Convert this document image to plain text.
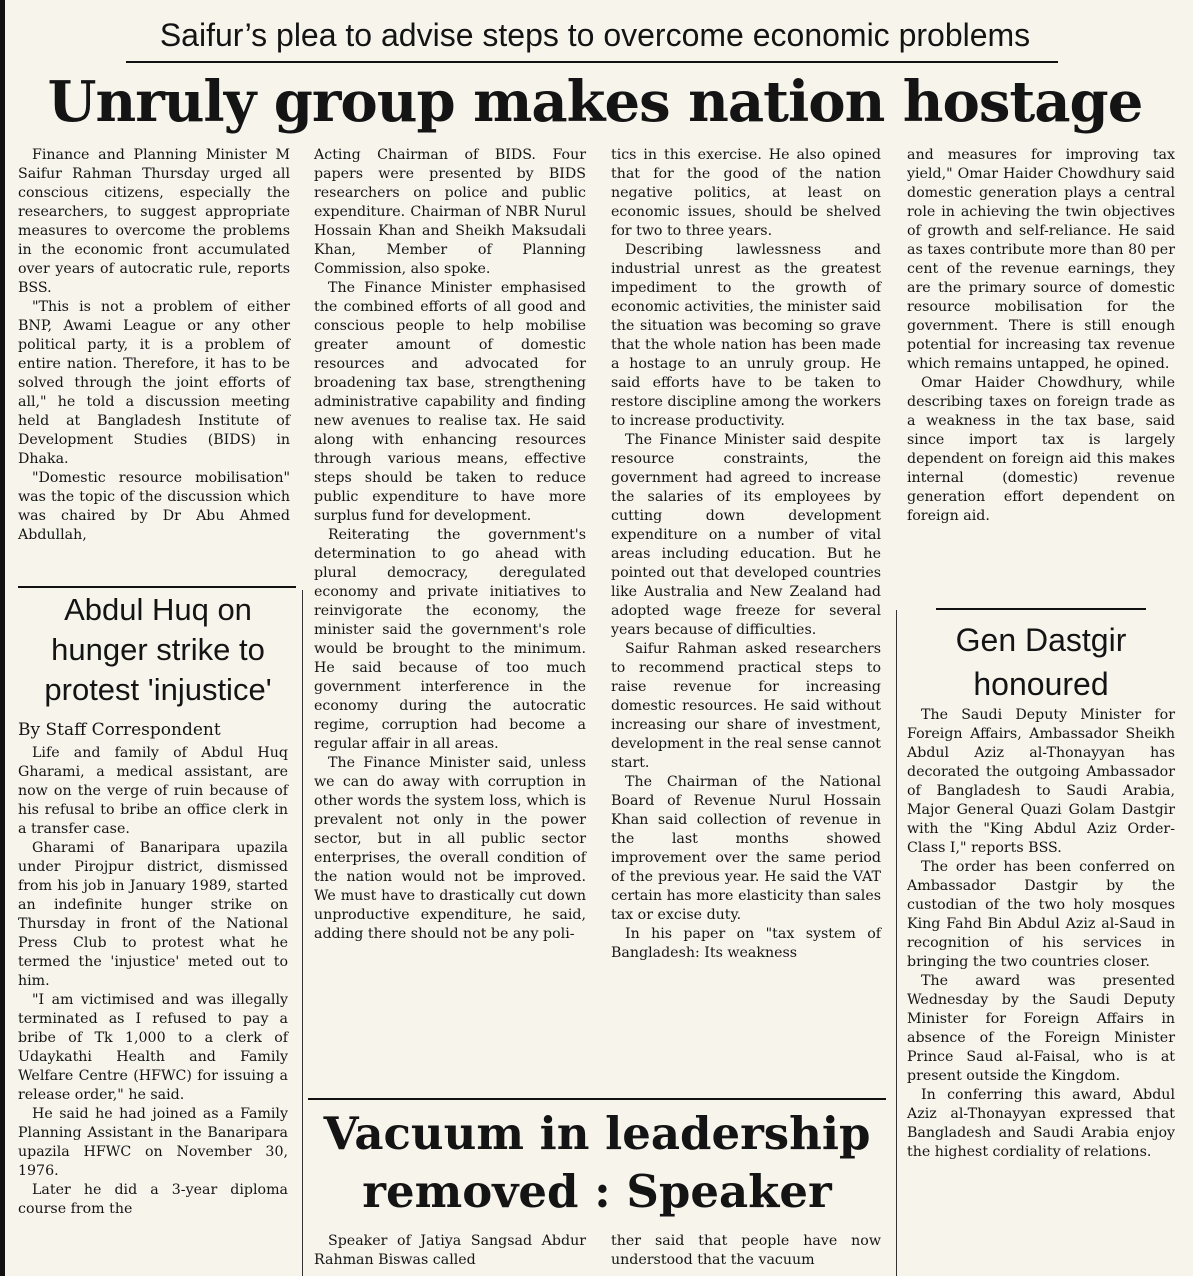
Saifur’s plea to advise steps to overcome economic problems
Unruly group makes nation hostage

Finance and Planning Minister M Saifur Rahman Thursday urged all conscious citizens, especially the researchers, to suggest appropriate measures to overcome the problems in the economic front accumulated over years of autocratic rule, reports BSS.

"This is not a problem of either BNP, Awami League or any other political party, it is a problem of entire nation. Therefore, it has to be solved through the joint efforts of all," he told a discussion meeting held at Bangladesh Institute of Development Studies (BIDS) in Dhaka.

"Domestic resource mobilisation" was the topic of the discussion which was chaired by Dr Abu Ahmed Abdullah,

Abdul Huq on hunger strike to protest 'injustice'

By Staff Correspondent

Life and family of Abdul Huq Gharami, a medical assistant, are now on the verge of ruin because of his refusal to bribe an office clerk in a transfer case.

Gharami of Banaripara upazila under Pirojpur district, dismissed from his job in January 1989, started an indefinite hunger strike on Thursday in front of the National Press Club to protest what he termed the 'injustice' meted out to him.

"I am victimised and was illegally terminated as I refused to pay a bribe of Tk 1,000 to a clerk of Udaykathi Health and Family Welfare Centre (HFWC) for issuing a release order," he said.

He said he had joined as a Family Planning Assistant in the Banaripara upazila HFWC on November 30, 1976.

Later he did a 3-year diploma course from the

Acting Chairman of BIDS. Four papers were presented by BIDS researchers on police and public expenditure. Chairman of NBR Nurul Hossain Khan and Sheikh Maksudali Khan, Member of Planning Commission, also spoke.

The Finance Minister emphasised the combined efforts of all good and conscious people to help mobilise greater amount of domestic resources and advocated for broadening tax base, strengthening administrative capability and finding new avenues to realise tax. He said along with enhancing resources through various means, effective steps should be taken to reduce public expenditure to have more surplus fund for development.

Reiterating the government's determination to go ahead with plural democracy, deregulated economy and private initiatives to reinvigorate the economy, the minister said the government's role would be brought to the minimum. He said because of too much government interference in the economy during the autocratic regime, corruption had become a regular affair in all areas.

The Finance Minister said, unless we can do away with corruption in other words the system loss, which is prevalent not only in the power sector, but in all public sector enterprises, the overall condition of the nation would not be improved. We must have to drastically cut down unproductive expenditure, he said, adding there should not be any poli-

tics in this exercise. He also opined that for the good of the nation negative politics, at least on economic issues, should be shelved for two to three years.

Describing lawlessness and industrial unrest as the greatest impediment to the growth of economic activities, the minister said the situation was becoming so grave that the whole nation has been made a hostage to an unruly group. He said efforts have to be taken to restore discipline among the workers to increase productivity.

The Finance Minister said despite resource constraints, the government had agreed to increase the salaries of its employees by cutting down development expenditure on a number of vital areas including education. But he pointed out that developed countries like Australia and New Zealand had adopted wage freeze for several years because of difficulties.

Saifur Rahman asked researchers to recommend practical steps to raise revenue for increasing domestic resources. He said without increasing our share of investment, development in the real sense cannot start.

The Chairman of the National Board of Revenue Nurul Hossain Khan said collection of revenue in the last months showed improvement over the same period of the previous year. He said the VAT certain has more elasticity than sales tax or excise duty.

In his paper on "tax system of Bangladesh: Its weakness

and measures for improving tax yield," Omar Haider Chowdhury said domestic generation plays a central role in achieving the twin objectives of growth and self-reliance. He said as taxes contribute more than 80 per cent of the revenue earnings, they are the primary source of domestic resource mobilisation for the government. There is still enough potential for increasing tax revenue which remains untapped, he opined.

Omar Haider Chowdhury, while describing taxes on foreign trade as a weakness in the tax base, said since import tax is largely dependent on foreign aid this makes internal (domestic) revenue generation effort dependent on foreign aid.

Gen Dastgir honoured

The Saudi Deputy Minister for Foreign Affairs, Ambassador Sheikh Abdul Aziz al-Thonayyan has decorated the outgoing Ambassador of Bangladesh to Saudi Arabia, Major General Quazi Golam Dastgir with the "King Abdul Aziz Order- Class I," reports BSS.

The order has been conferred on Ambassador Dastgir by the custodian of the two holy mosques King Fahd Bin Abdul Aziz al-Saud in recognition of his services in bringing the two countries closer.

The award was presented Wednesday by the Saudi Deputy Minister for Foreign Affairs in absence of the Foreign Minister Prince Saud al-Faisal, who is at present outside the Kingdom.

In conferring this award, Abdul Aziz al-Thonayyan expressed that Bangladesh and Saudi Arabia enjoy the highest cordiality of relations.

Vacuum in leadership
removed : Speaker

Speaker of Jatiya Sangsad Abdur Rahman Biswas called

ther said that people have now understood that the vacuum
